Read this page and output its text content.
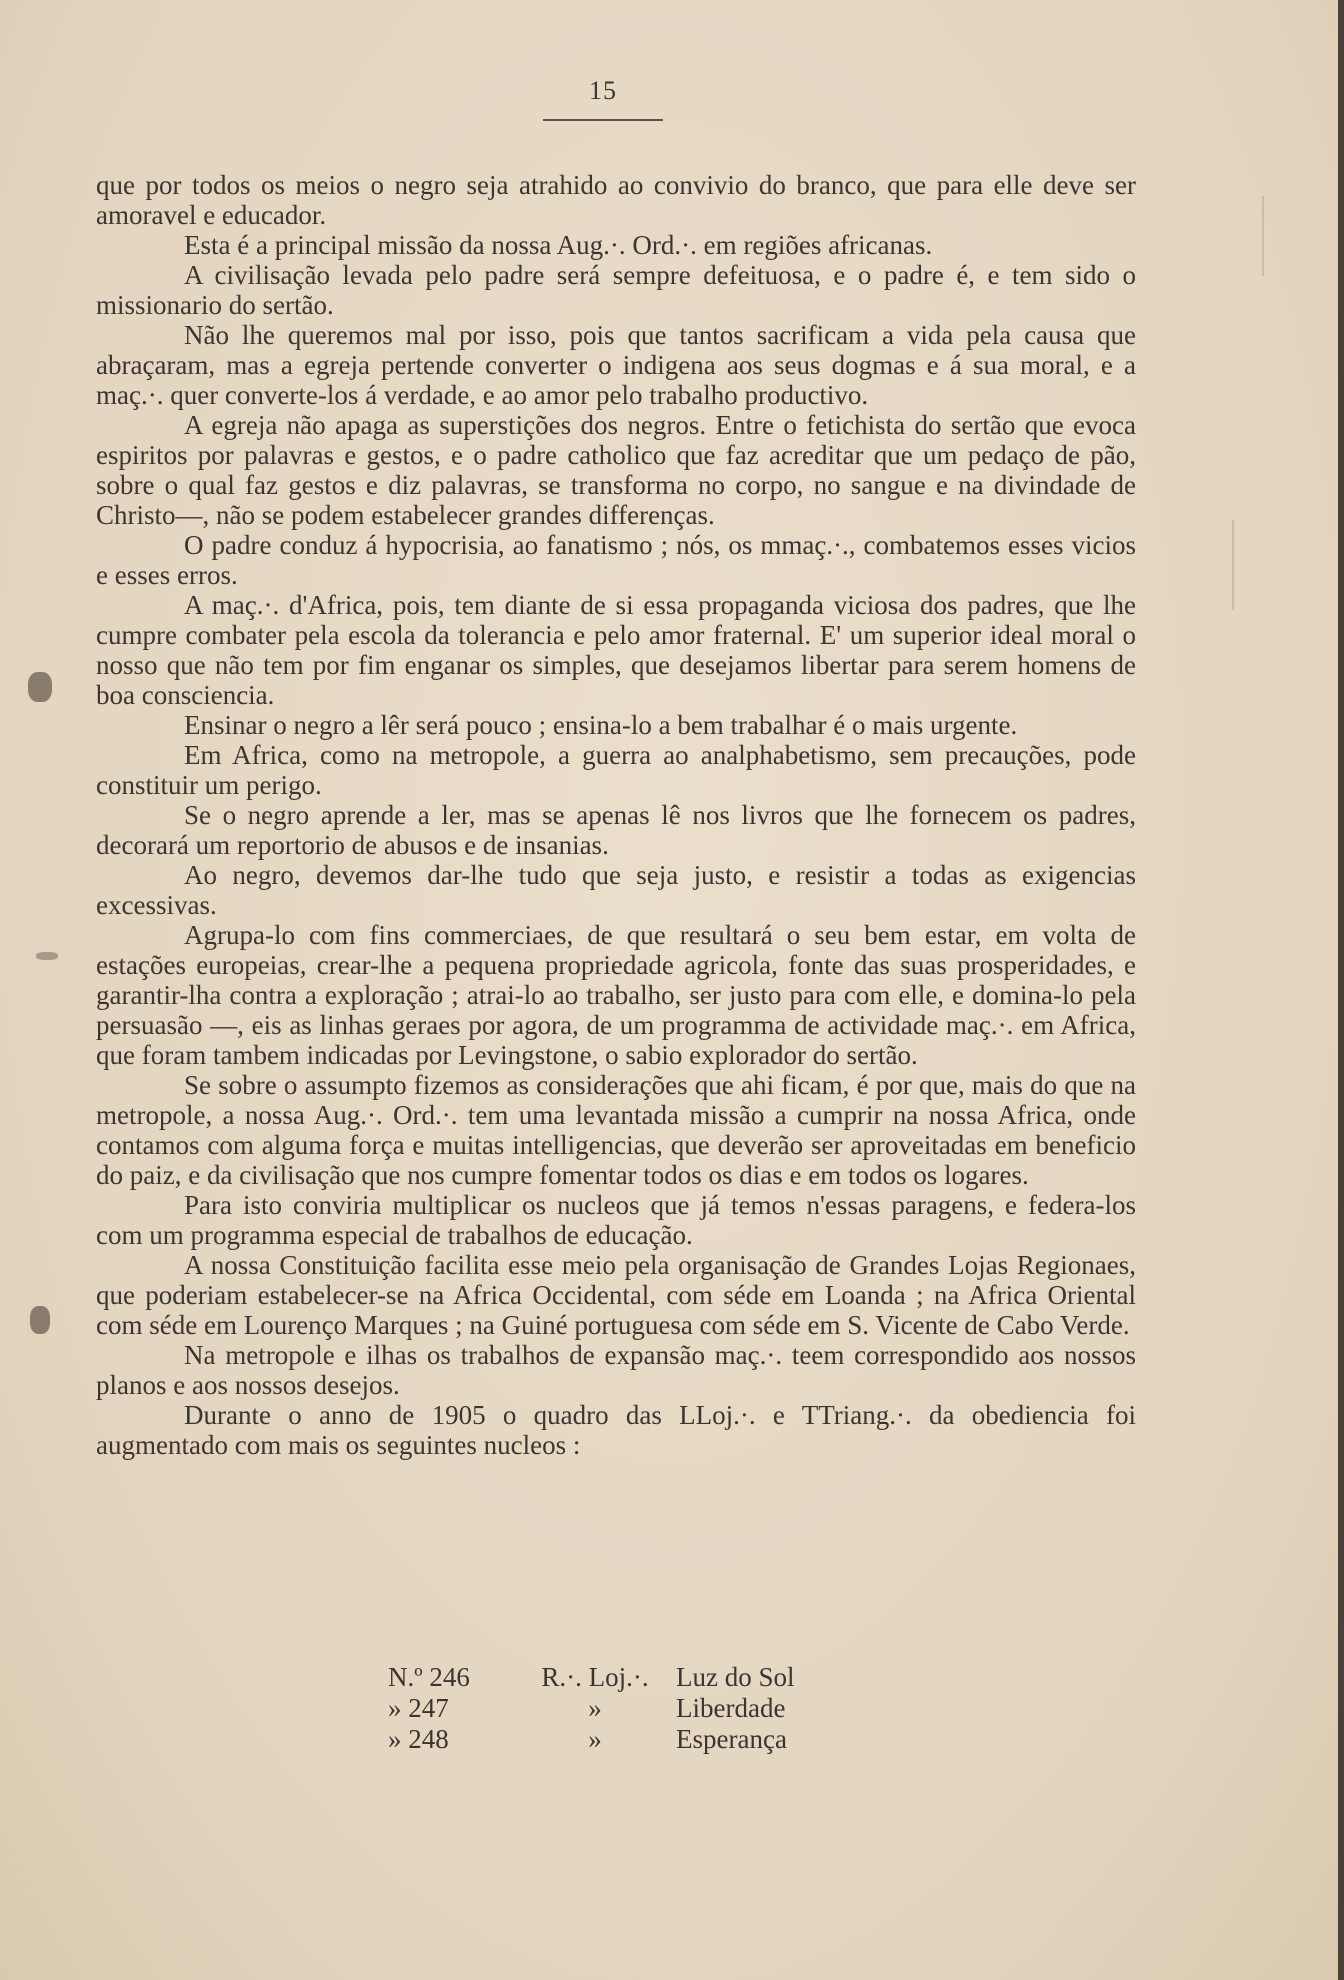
15

que por todos os meios o negro seja atrahido ao convivio do branco, que para elle deve ser amoravel e educador.

Esta é a principal missão da nossa Aug.·. Ord.·. em regiões africanas.

A civilisação levada pelo padre será sempre defeituosa, e o padre é, e tem sido o missionario do sertão.

Não lhe queremos mal por isso, pois que tantos sacrificam a vida pela causa que abraçaram, mas a egreja pertende converter o indigena aos seus dogmas e á sua moral, e a maç.·. quer converte-los á verdade, e ao amor pelo trabalho productivo.

A egreja não apaga as superstições dos negros. Entre o fetichista do sertão que evoca espiritos por palavras e gestos, e o padre catholico que faz acreditar que um pedaço de pão, sobre o qual faz gestos e diz palavras, se transforma no corpo, no sangue e na divindade de Christo—, não se podem estabelecer grandes differenças.

O padre conduz á hypocrisia, ao fanatismo ; nós, os mmaç.·., combatemos esses vicios e esses erros.

A maç.·. d'Africa, pois, tem diante de si essa propaganda viciosa dos padres, que lhe cumpre combater pela escola da tolerancia e pelo amor fraternal. E' um superior ideal moral o nosso que não tem por fim enganar os simples, que desejamos libertar para serem homens de boa consciencia.

Ensinar o negro a lêr será pouco ; ensina-lo a bem trabalhar é o mais urgente.

Em Africa, como na metropole, a guerra ao analphabetismo, sem precauções, pode constituir um perigo.

Se o negro aprende a ler, mas se apenas lê nos livros que lhe fornecem os padres, decorará um reportorio de abusos e de insanias.

Ao negro, devemos dar-lhe tudo que seja justo, e resistir a todas as exigencias excessivas.

Agrupa-lo com fins commerciaes, de que resultará o seu bem estar, em volta de estações europeias, crear-lhe a pequena propriedade agricola, fonte das suas prosperidades, e garantir-lha contra a exploração ; atrai-lo ao trabalho, ser justo para com elle, e domina-lo pela persuasão —, eis as linhas geraes por agora, de um programma de actividade maç.·. em Africa, que foram tambem indicadas por Levingstone, o sabio explorador do sertão.

Se sobre o assumpto fizemos as considerações que ahi ficam, é por que, mais do que na metropole, a nossa Aug.·. Ord.·. tem uma levantada missão a cumprir na nossa Africa, onde contamos com alguma força e muitas intelligencias, que deverão ser aproveitadas em beneficio do paiz, e da civilisação que nos cumpre fomentar todos os dias e em todos os logares.

Para isto conviria multiplicar os nucleos que já temos n'essas paragens, e federa-los com um programma especial de trabalhos de educação.

A nossa Constituição facilita esse meio pela organisação de Grandes Lojas Regionaes, que poderiam estabelecer-se na Africa Occidental, com séde em Loanda ; na Africa Oriental com séde em Lourenço Marques ; na Guiné portuguesa com séde em S. Vicente de Cabo Verde.

Na metropole e ilhas os trabalhos de expansão maç.·. teem correspondido aos nossos planos e aos nossos desejos.

Durante o anno de 1905 o quadro das LLoj.·. e TTriang.·. da obediencia foi augmentado com mais os seguintes nucleos :

N.º 246	R.·. Loj.·.	Luz do Sol
» 247	»	Liberdade
» 248	»	Esperança
